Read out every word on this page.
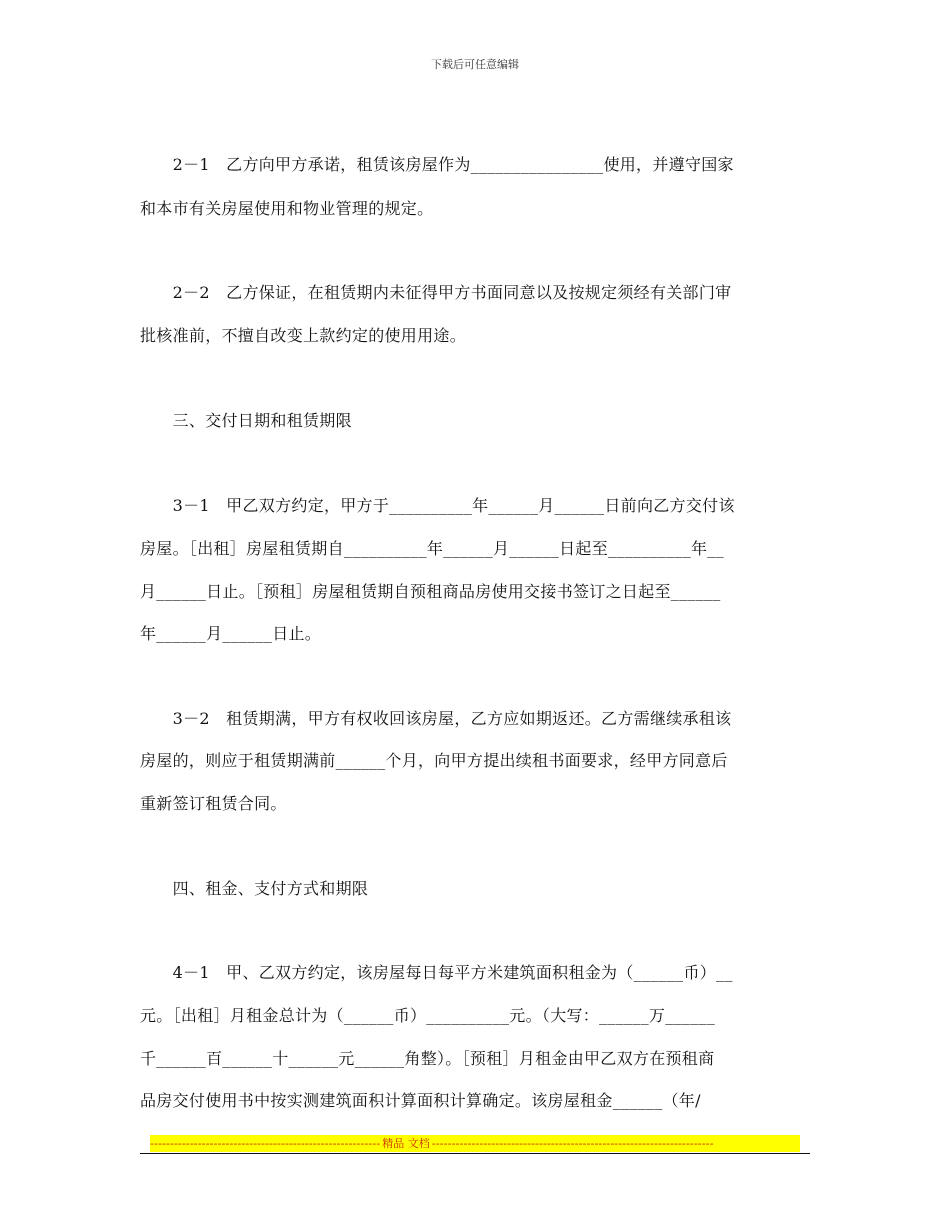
下载后可任意编辑
　　2－1　乙方向甲方承诺，租赁该房屋作为________________使用，并遵守国家
和本市有关房屋使用和物业管理的规定。
　　2－2　乙方保证，在租赁期内未征得甲方书面同意以及按规定须经有关部门审
批核准前，不擅自改变上款约定的使用用途。
　　三、交付日期和租赁期限
　　3－1　甲乙双方约定，甲方于__________年______月______日前向乙方交付该
房屋。［出租］房屋租赁期自__________年______月______日起至__________年__
月______日止。［预租］房屋租赁期自预租商品房使用交接书签订之日起至______
年______月______日止。
　　3－2　租赁期满，甲方有权收回该房屋，乙方应如期返还。乙方需继续承租该
房屋的，则应于租赁期满前______个月，向甲方提出续租书面要求，经甲方同意后
重新签订租赁合同。
　　四、租金、支付方式和期限
　　4－1　甲、乙双方约定，该房屋每日每平方米建筑面积租金为（______币）__
元。［出租］月租金总计为（______币）__________元。（大写：______万______
千______百______十______元______角整）。［预租］月租金由甲乙双方在预租商
品房交付使用书中按实测建筑面积计算面积计算确定。该房屋租金______（年/
---------------------------------------------------------- 精品 文档 -----------------------------------------------------------------------
